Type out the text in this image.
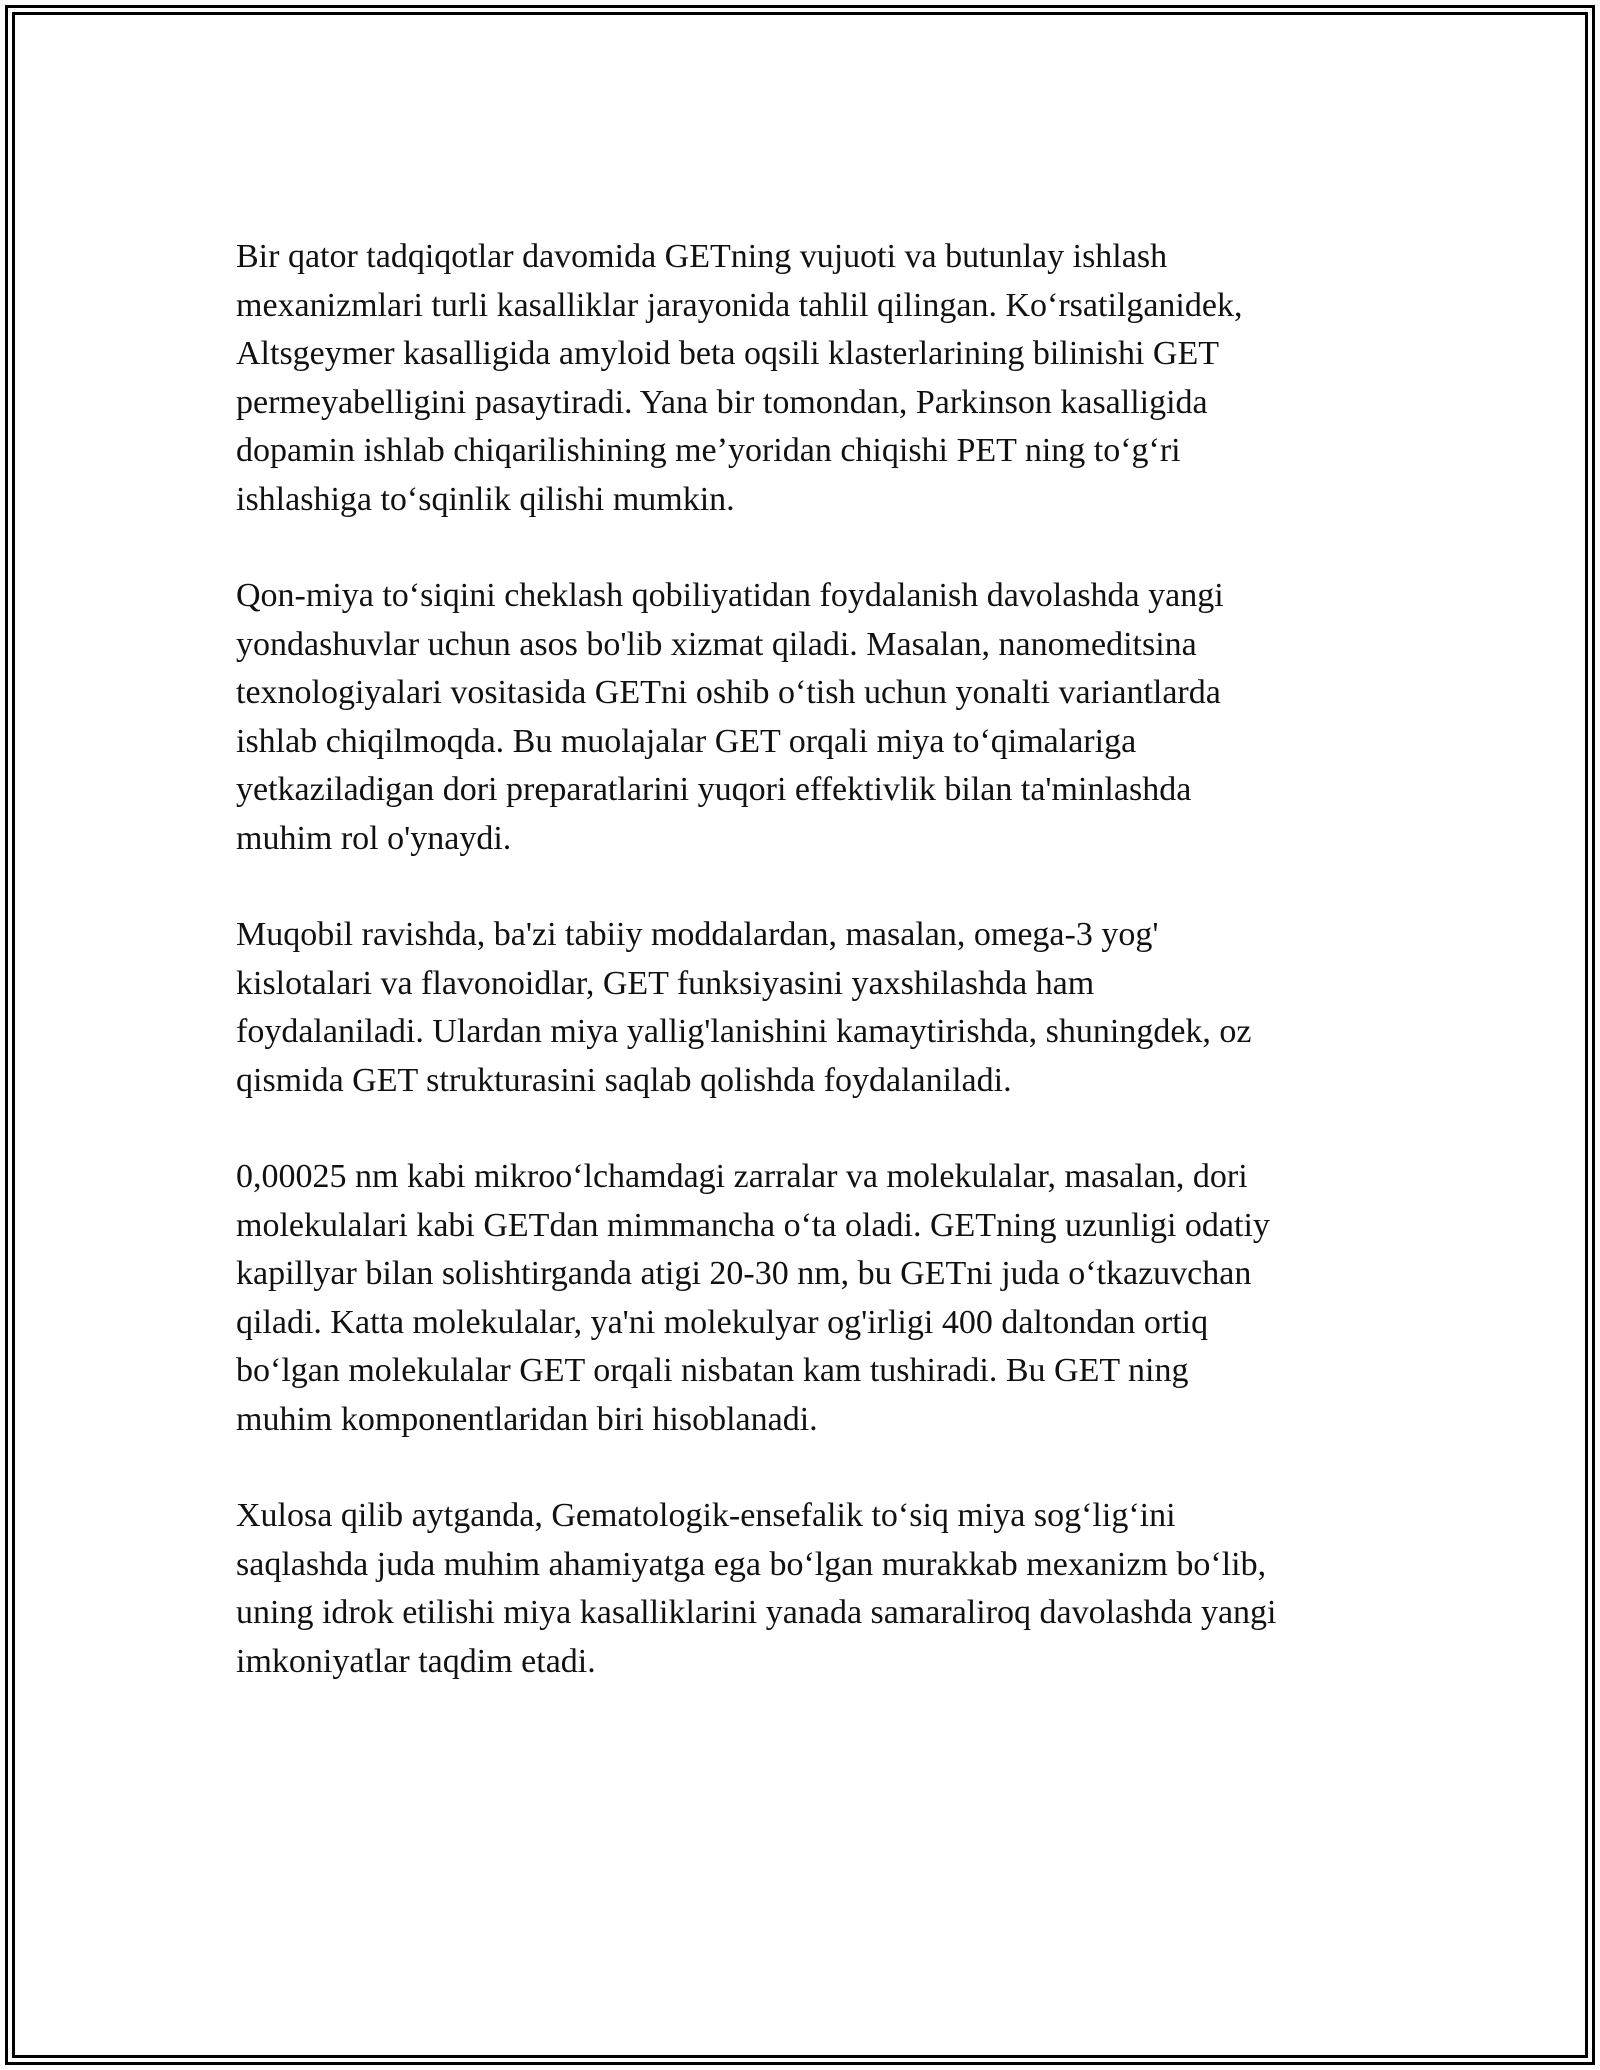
Bir qator tadqiqotlar davomida GETning vujuoti va butunlay ishlash
mexanizmlari turli kasalliklar jarayonida tahlil qilingan. Koʻrsatilganidek,
Altsgeymer kasalligida amyloid beta oqsili klasterlarining bilinishi GET
permeyabelligini pasaytiradi. Yana bir tomondan, Parkinson kasalligida
dopamin ishlab chiqarilishining meʼyoridan chiqishi PET ning toʻgʻri
ishlashiga toʻsqinlik qilishi mumkin.

Qon-miya toʻsiqini cheklash qobiliyatidan foydalanish davolashda yangi
yondashuvlar uchun asos bo'lib xizmat qiladi. Masalan, nanomeditsina
texnologiyalari vositasida GETni oshib oʻtish uchun yonalti variantlarda
ishlab chiqilmoqda. Bu muolajalar GET orqali miya toʻqimalariga
yetkaziladigan dori preparatlarini yuqori effektivlik bilan ta'minlashda
muhim rol o'ynaydi.

Muqobil ravishda, ba'zi tabiiy moddalardan, masalan, omega-3 yog'
kislotalari va flavonoidlar, GET funksiyasini yaxshilashda ham
foydalaniladi. Ulardan miya yallig'lanishini kamaytirishda, shuningdek, oz
qismida GET strukturasini saqlab qolishda foydalaniladi.

0,00025 nm kabi mikrooʻlchamdagi zarralar va molekulalar, masalan, dori
molekulalari kabi GETdan mimmancha oʻta oladi. GETning uzunligi odatiy
kapillyar bilan solishtirganda atigi 20-30 nm, bu GETni juda oʻtkazuvchan
qiladi. Katta molekulalar, ya'ni molekulyar og'irligi 400 daltondan ortiq
boʻlgan molekulalar GET orqali nisbatan kam tushiradi. Bu GET ning
muhim komponentlaridan biri hisoblanadi.

Xulosa qilib aytganda, Gematologik-ensefalik toʻsiq miya sogʻligʻini
saqlashda juda muhim ahamiyatga ega boʻlgan murakkab mexanizm boʻlib,
uning idrok etilishi miya kasalliklarini yanada samaraliroq davolashda yangi
imkoniyatlar taqdim etadi.
